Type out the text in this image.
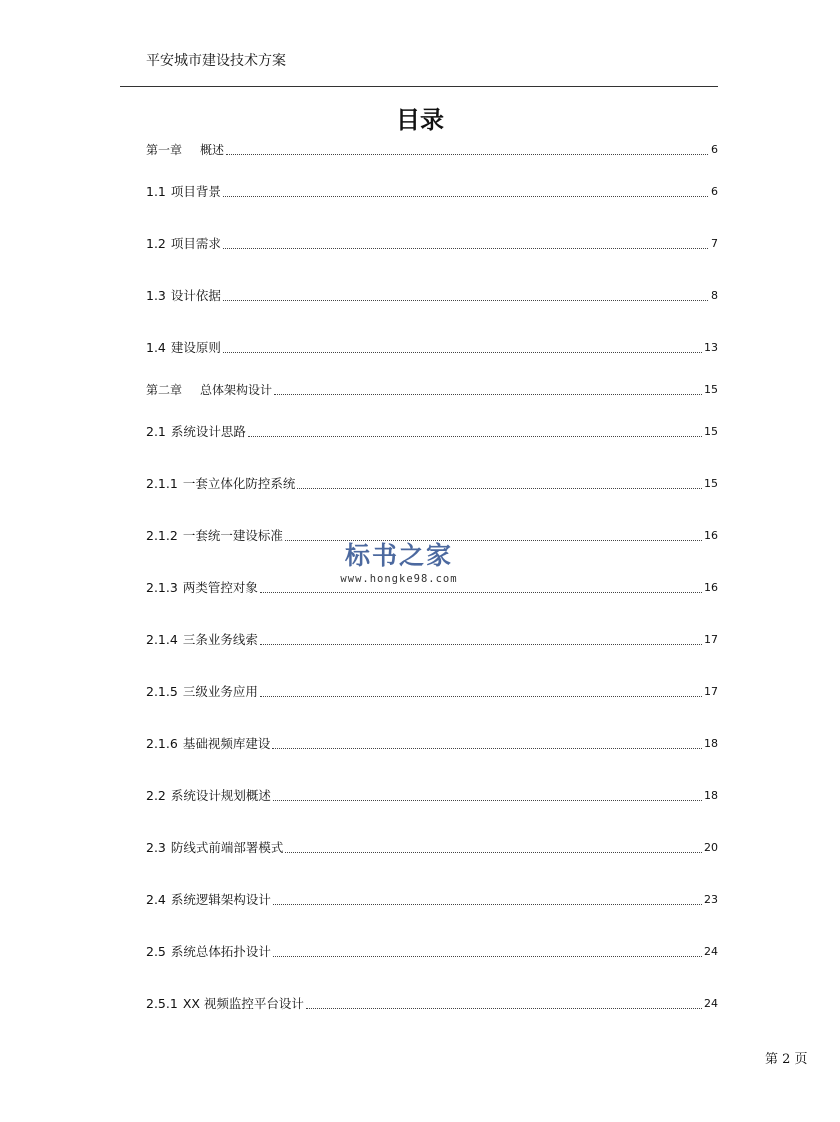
平安城市建设技术方案
目录
第一章 概述	6
1.1 项目背景	6
1.2 项目需求	7
1.3 设计依据	8
1.4 建设原则	13
第二章 总体架构设计	15
2.1 系统设计思路	15
2.1.1 一套立体化防控系统	15
2.1.2 一套统一建设标准	16
2.1.3 两类管控对象	16
2.1.4 三条业务线索	17
2.1.5 三级业务应用	17
2.1.6 基础视频库建设	18
2.2 系统设计规划概述	18
2.3 防线式前端部署模式	20
2.4 系统逻辑架构设计	23
2.5 系统总体拓扑设计	24
2.5.1 XX 视频监控平台设计	24
标书之家
www.hongke98.com
第 2 页
